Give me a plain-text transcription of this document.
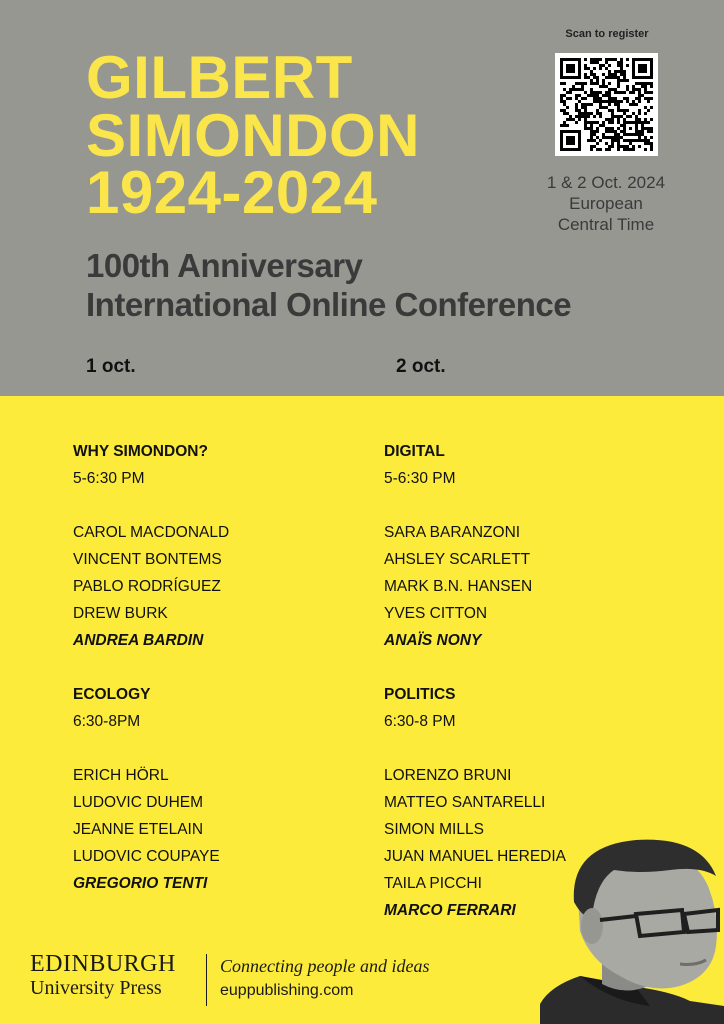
GILBERT
SIMONDON
1924-2024
100th Anniversary
International Online Conference
Scan to register
1 & 2 Oct. 2024
European
Central Time
1 oct.	2 oct.
WHY SIMONDON?
5-6:30 PM
CAROL MACDONALD
VINCENT BONTEMS
PABLO RODRÍGUEZ
DREW BURK
ANDREA BARDIN
ECOLOGY
6:30-8PM
ERICH HÖRL
LUDOVIC DUHEM
JEANNE ETELAIN
LUDOVIC COUPAYE
GREGORIO TENTI
DIGITAL
5-6:30 PM
SARA BARANZONI
AHSLEY SCARLETT
MARK B.N. HANSEN
YVES CITTON
ANAÏS NONY
POLITICS
6:30-8 PM
LORENZO BRUNI
MATTEO SANTARELLI
SIMON MILLS
JUAN MANUEL HEREDIA
TAILA PICCHI
MARCO FERRARI
EDINBURGH
University Press
Connecting people and ideas
euppublishing.com
